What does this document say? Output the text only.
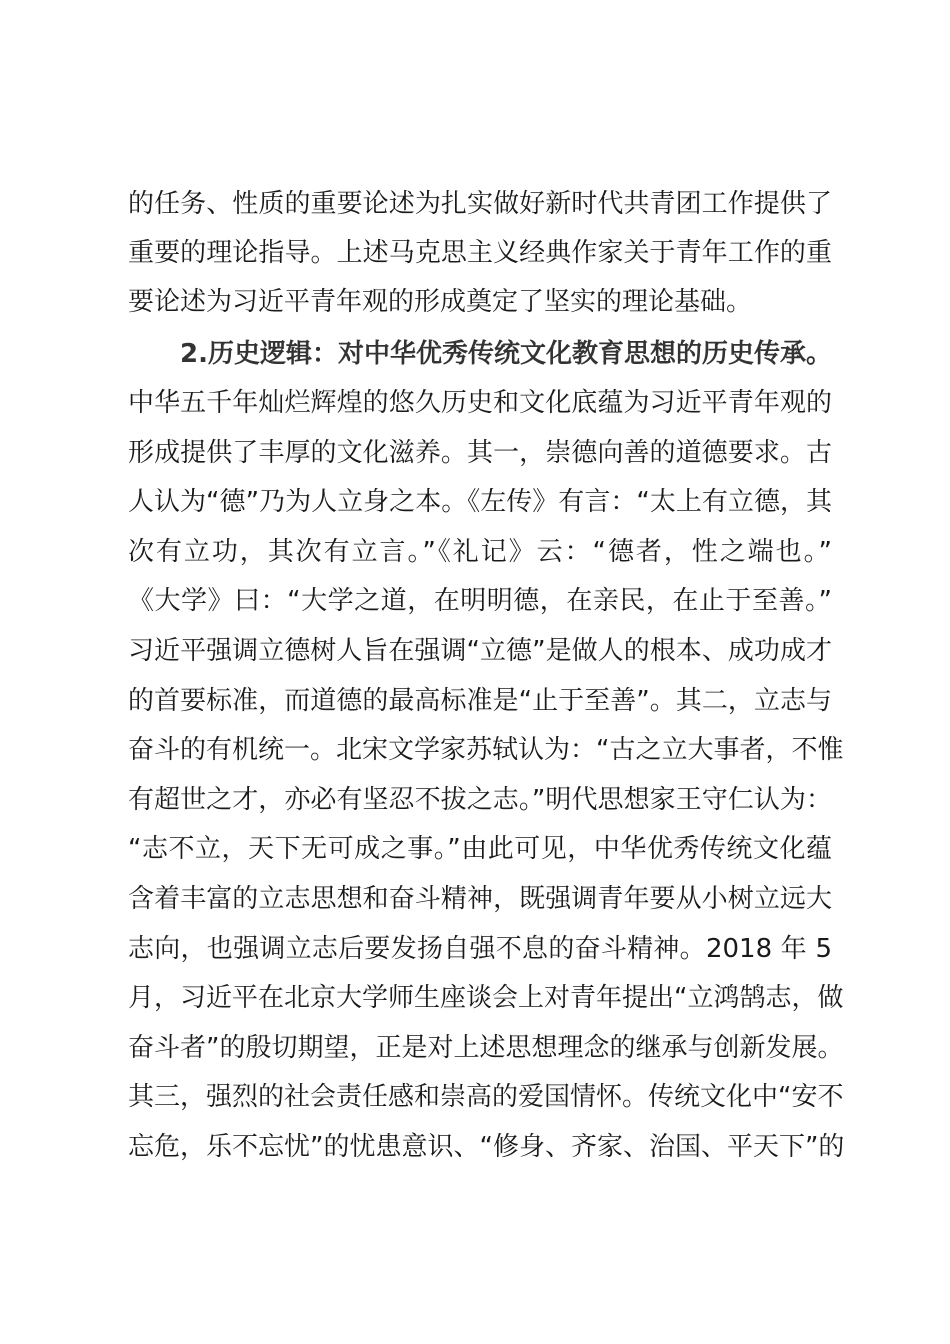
的任务、性质的重要论述为扎实做好新时代共青团工作提供了
重要的理论指导。上述马克思主义经典作家关于青年工作的重
要论述为习近平青年观的形成奠定了坚实的理论基础。
2.历史逻辑：对中华优秀传统文化教育思想的历史传承。
中华五千年灿烂辉煌的悠久历史和文化底蕴为习近平青年观的
形成提供了丰厚的文化滋养。其一，崇德向善的道德要求。古
人认为“德”乃为人立身之本。《左传》有言：“太上有立德，其
次有立功，其次有立言。”《礼记》云：“德者，性之端也。”
《大学》曰：“大学之道，在明明德，在亲民，在止于至善。”
习近平强调立德树人旨在强调“立德”是做人的根本、成功成才
的首要标准，而道德的最高标准是“止于至善”。其二，立志与
奋斗的有机统一。北宋文学家苏轼认为：“古之立大事者，不惟
有超世之才，亦必有坚忍不拔之志。”明代思想家王守仁认为：
“志不立，天下无可成之事。”由此可见，中华优秀传统文化蕴
含着丰富的立志思想和奋斗精神，既强调青年要从小树立远大
志向，也强调立志后要发扬自强不息的奋斗精神。2018 年 5
月，习近平在北京大学师生座谈会上对青年提出“立鸿鹄志，做
奋斗者”的殷切期望，正是对上述思想理念的继承与创新发展。
其三，强烈的社会责任感和崇高的爱国情怀。传统文化中“安不
忘危，乐不忘忧”的忧患意识、“修身、齐家、治国、平天下”的
